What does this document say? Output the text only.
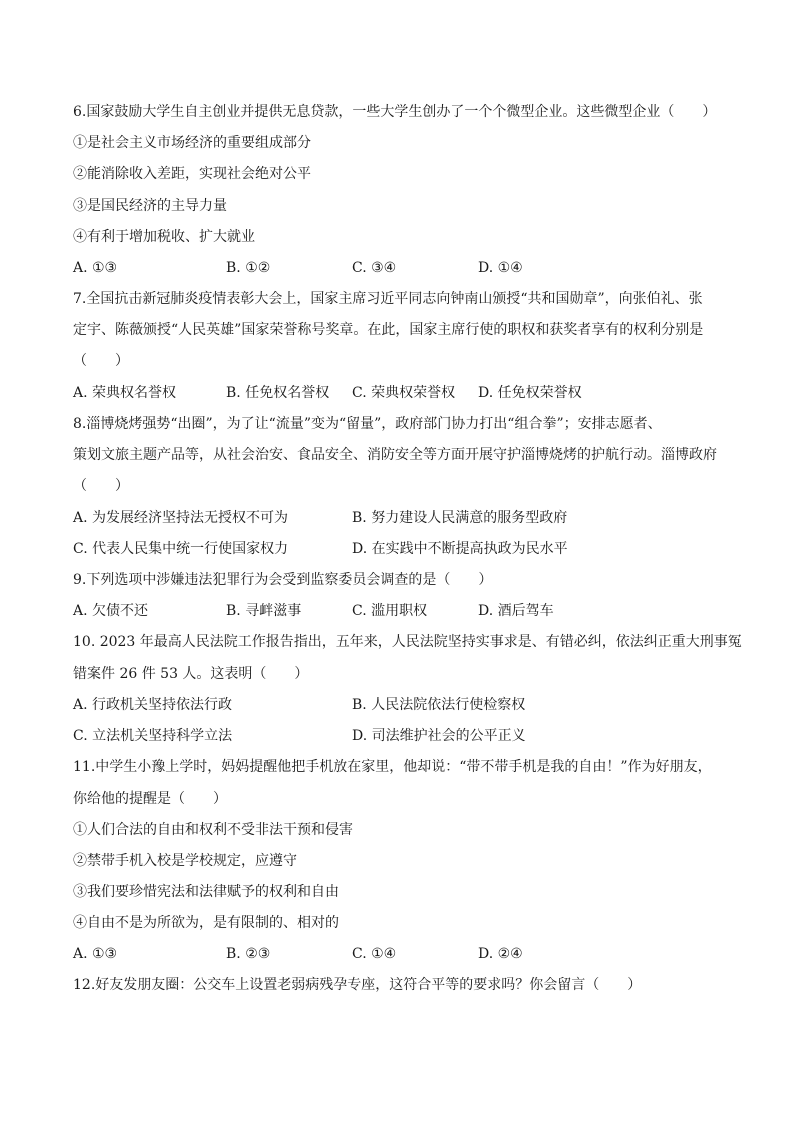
6.国家鼓励大学生自主创业并提供无息贷款，一些大学生创办了一个个微型企业。这些微型企业（　　）
①是社会主义市场经济的重要组成部分
②能消除收入差距，实现社会绝对公平
③是国民经济的主导力量
④有利于增加税收、扩大就业
A. ①③	B. ①②	C. ③④	D. ①④
7.全国抗击新冠肺炎疫情表彰大会上，国家主席习近平同志向钟南山颁授“共和国勋章”，向张伯礼、张
定宇、陈薇颁授“人民英雄”国家荣誉称号奖章。在此，国家主席行使的职权和获奖者享有的权利分别是
（　　）
A. 荣典权名誉权	B. 任免权名誉权 C. 荣典权荣誉权 D. 任免权荣誉权
8.淄博烧烤强势“出圈”，为了让“流量”变为“留量”，政府部门协力打出“组合拳”；安排志愿者、
策划文旅主题产品等，从社会治安、食品安全、消防安全等方面开展守护淄博烧烤的护航行动。淄博政府
（　　）
A. 为发展经济坚持法无授权不可为	B. 努力建设人民满意的服务型政府
C. 代表人民集中统一行使国家权力	D. 在实践中不断提高执政为民水平
9.下列选项中涉嫌违法犯罪行为会受到监察委员会调查的是（　　）
A. 欠债不还	B. 寻衅滋事	C. 滥用职权	D. 酒后驾车
10. 2023 年最高人民法院工作报告指出，五年来，人民法院坚持实事求是、有错必纠，依法纠正重大刑事冤
错案件 26 件 53 人。这表明（　　）
A. 行政机关坚持依法行政	B. 人民法院依法行使检察权
C. 立法机关坚持科学立法	D. 司法维护社会的公平正义
11.中学生小豫上学时，妈妈提醒他把手机放在家里，他却说：“带不带手机是我的自由！”作为好朋友，
你给他的提醒是（　　）
①人们合法的自由和权利不受非法干预和侵害
②禁带手机入校是学校规定，应遵守
③我们要珍惜宪法和法律赋予的权利和自由
④自由不是为所欲为，是有限制的、相对的
A. ①③	B. ②③	C. ①④	D. ②④
12.好友发朋友圈：公交车上设置老弱病残孕专座，这符合平等的要求吗？你会留言（　　）
